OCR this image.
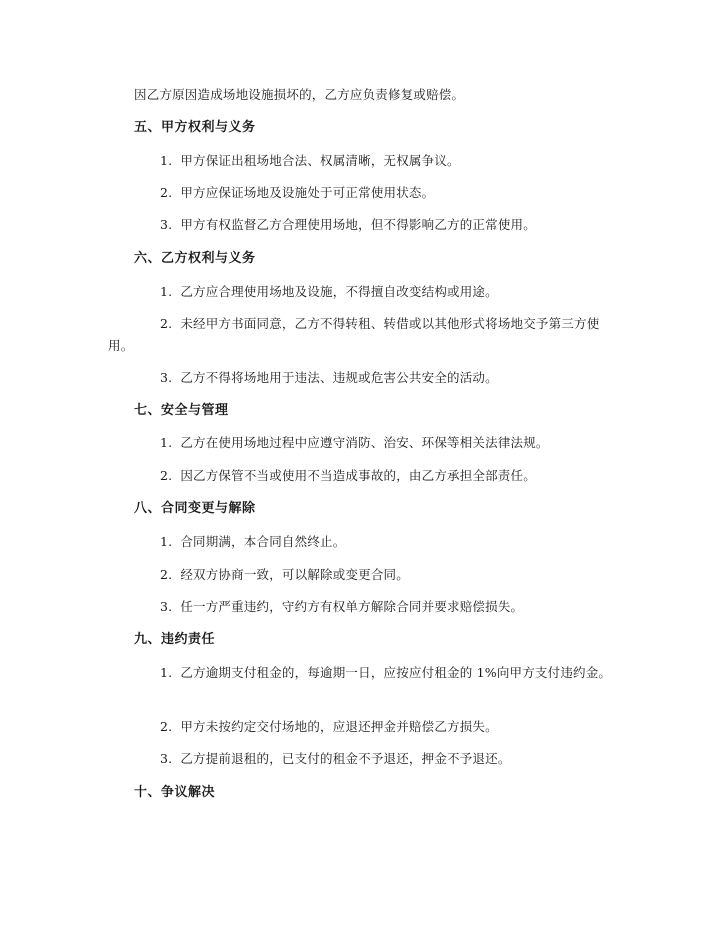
因乙方原因造成场地设施损坏的，乙方应负责修复或赔偿。

五、甲方权利与义务

1. 甲方保证出租场地合法、权属清晰，无权属争议。

2. 甲方应保证场地及设施处于可正常使用状态。

3. 甲方有权监督乙方合理使用场地，但不得影响乙方的正常使用。

六、乙方权利与义务

1. 乙方应合理使用场地及设施，不得擅自改变结构或用途。

2. 未经甲方书面同意，乙方不得转租、转借或以其他形式将场地交予第三方使用。

3. 乙方不得将场地用于违法、违规或危害公共安全的活动。

七、安全与管理

1. 乙方在使用场地过程中应遵守消防、治安、环保等相关法律法规。

2. 因乙方保管不当或使用不当造成事故的，由乙方承担全部责任。

八、合同变更与解除

1. 合同期满，本合同自然终止。

2. 经双方协商一致，可以解除或变更合同。

3. 任一方严重违约，守约方有权单方解除合同并要求赔偿损失。

九、违约责任

1. 乙方逾期支付租金的，每逾期一日，应按应付租金的 1%向甲方支付违约金。

2. 甲方未按约定交付场地的，应退还押金并赔偿乙方损失。

3. 乙方提前退租的，已支付的租金不予退还，押金不予退还。

十、争议解决
